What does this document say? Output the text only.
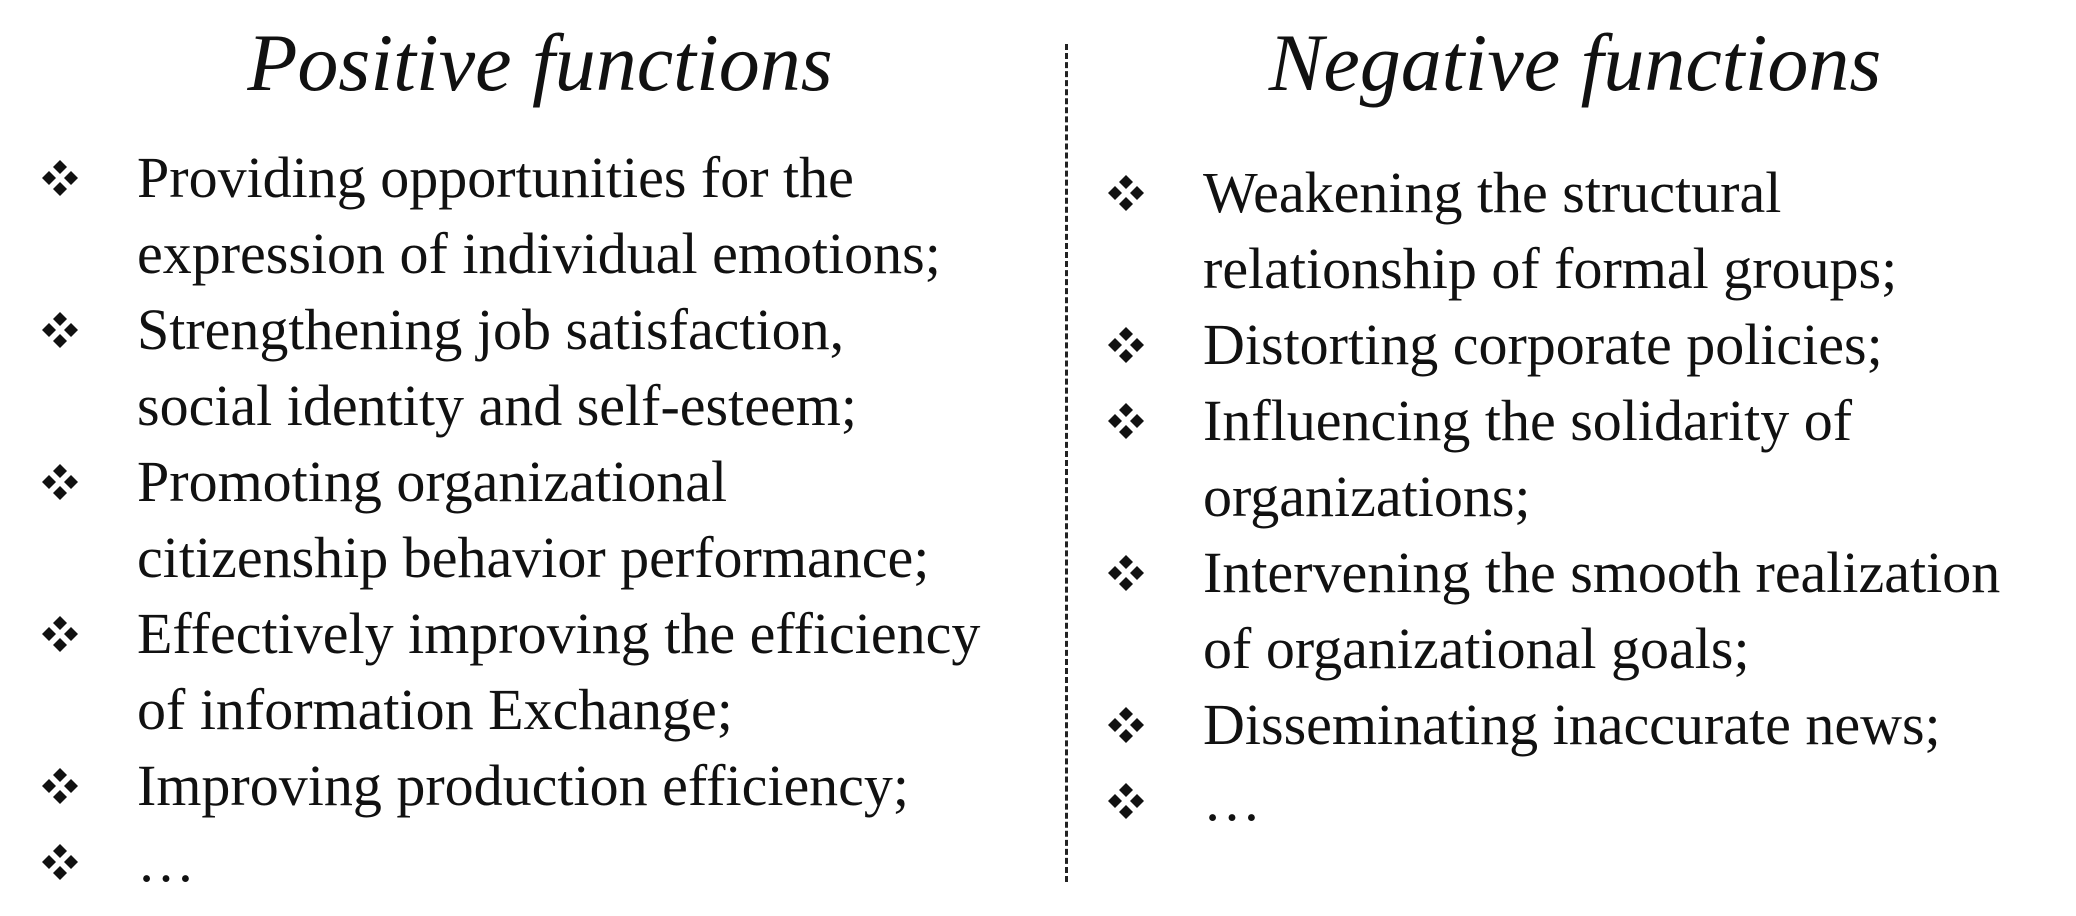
Positive functions
Providing opportunities for the
expression of individual emotions;
Strengthening job satisfaction,
social identity and self-esteem;
Promoting organizational
citizenship behavior performance;
Effectively improving the efficiency
of information Exchange;
Improving production efficiency;
…
Negative functions
Weakening the structural
relationship of formal groups;
Distorting corporate policies;
Influencing the solidarity of
organizations;
Intervening the smooth realization
of organizational goals;
Disseminating inaccurate news;
…
